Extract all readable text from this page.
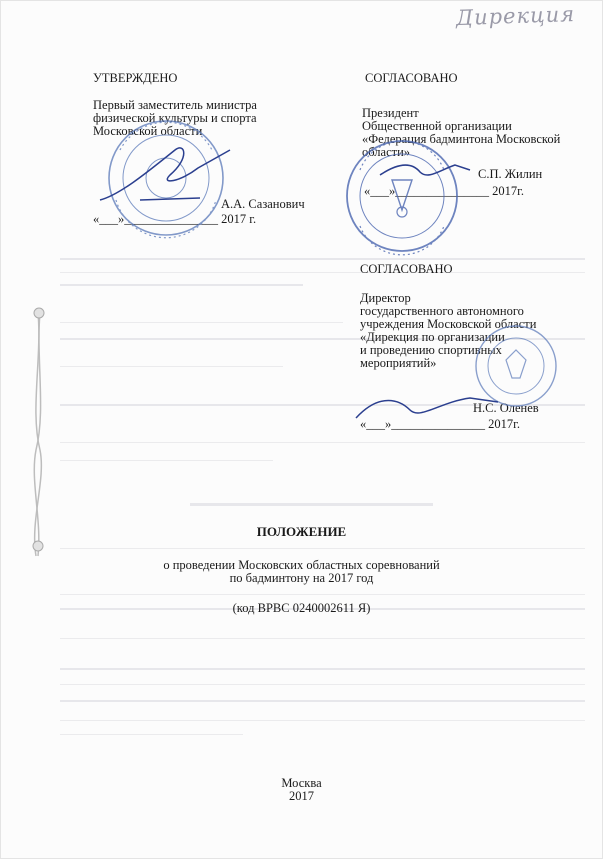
Дирекция
УТВЕРЖДЕНО
Первый заместитель министра
физической культуры и спорта
Московской области
А.А. Сазанович
«___»_______________ 2017 г.
СОГЛАСОВАНО
Президент
Общественной организации
«Федерация бадминтона Московской
области»
С.П. Жилин
«___»_______________ 2017г.
СОГЛАСОВАНО
Директор
государственного автономного
учреждения Московской области
«Дирекция по организации
и проведению спортивных
мероприятий»
Н.С. Оленев
«___»_______________ 2017г.
ПОЛОЖЕНИЕ
о проведении Московских областных соревнований
по бадминтону на 2017 год
(код ВРВС 0240002611 Я)
Москва
2017
